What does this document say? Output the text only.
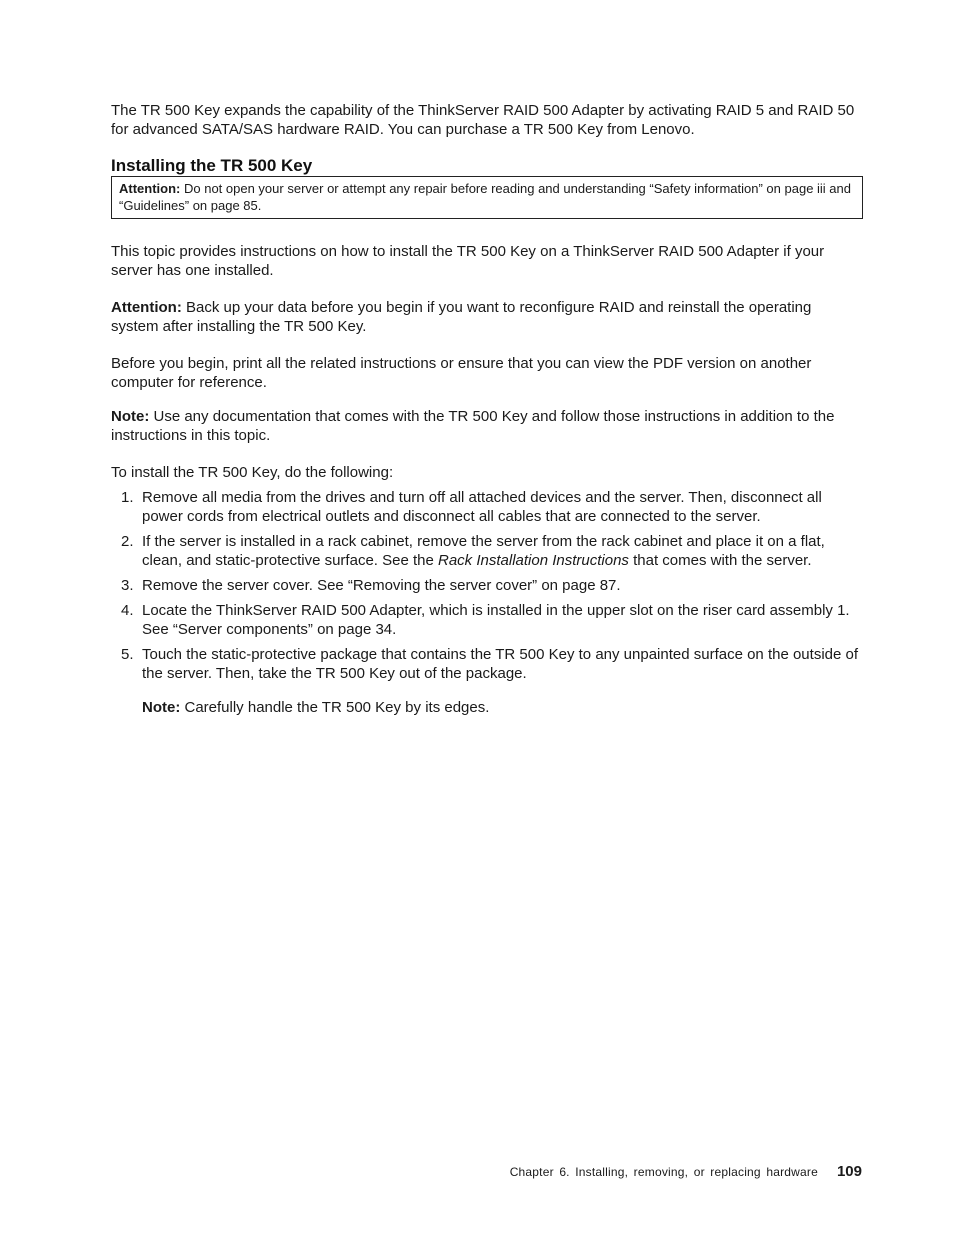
The TR 500 Key expands the capability of the ThinkServer RAID 500 Adapter by activating RAID 5 and RAID 50 for advanced SATA/SAS hardware RAID. You can purchase a TR 500 Key from Lenovo.

Installing the TR 500 Key
Attention: Do not open your server or attempt any repair before reading and understanding “Safety information” on page iii and “Guidelines” on page 85.

This topic provides instructions on how to install the TR 500 Key on a ThinkServer RAID 500 Adapter if your server has one installed.

Attention: Back up your data before you begin if you want to reconfigure RAID and reinstall the operating system after installing the TR 500 Key.

Before you begin, print all the related instructions or ensure that you can view the PDF version on another computer for reference.

Note: Use any documentation that comes with the TR 500 Key and follow those instructions in addition to the instructions in this topic.

To install the TR 500 Key, do the following:

1. Remove all media from the drives and turn off all attached devices and the server. Then, disconnect all power cords from electrical outlets and disconnect all cables that are connected to the server.
2. If the server is installed in a rack cabinet, remove the server from the rack cabinet and place it on a flat, clean, and static-protective surface. See the Rack Installation Instructions that comes with the server.
3. Remove the server cover. See “Removing the server cover” on page 87.
4. Locate the ThinkServer RAID 500 Adapter, which is installed in the upper slot on the riser card assembly 1. See “Server components” on page 34.
5. Touch the static-protective package that contains the TR 500 Key to any unpainted surface on the outside of the server. Then, take the TR 500 Key out of the package.

Note: Carefully handle the TR 500 Key by its edges.

Chapter 6. Installing, removing, or replacing hardware 109
